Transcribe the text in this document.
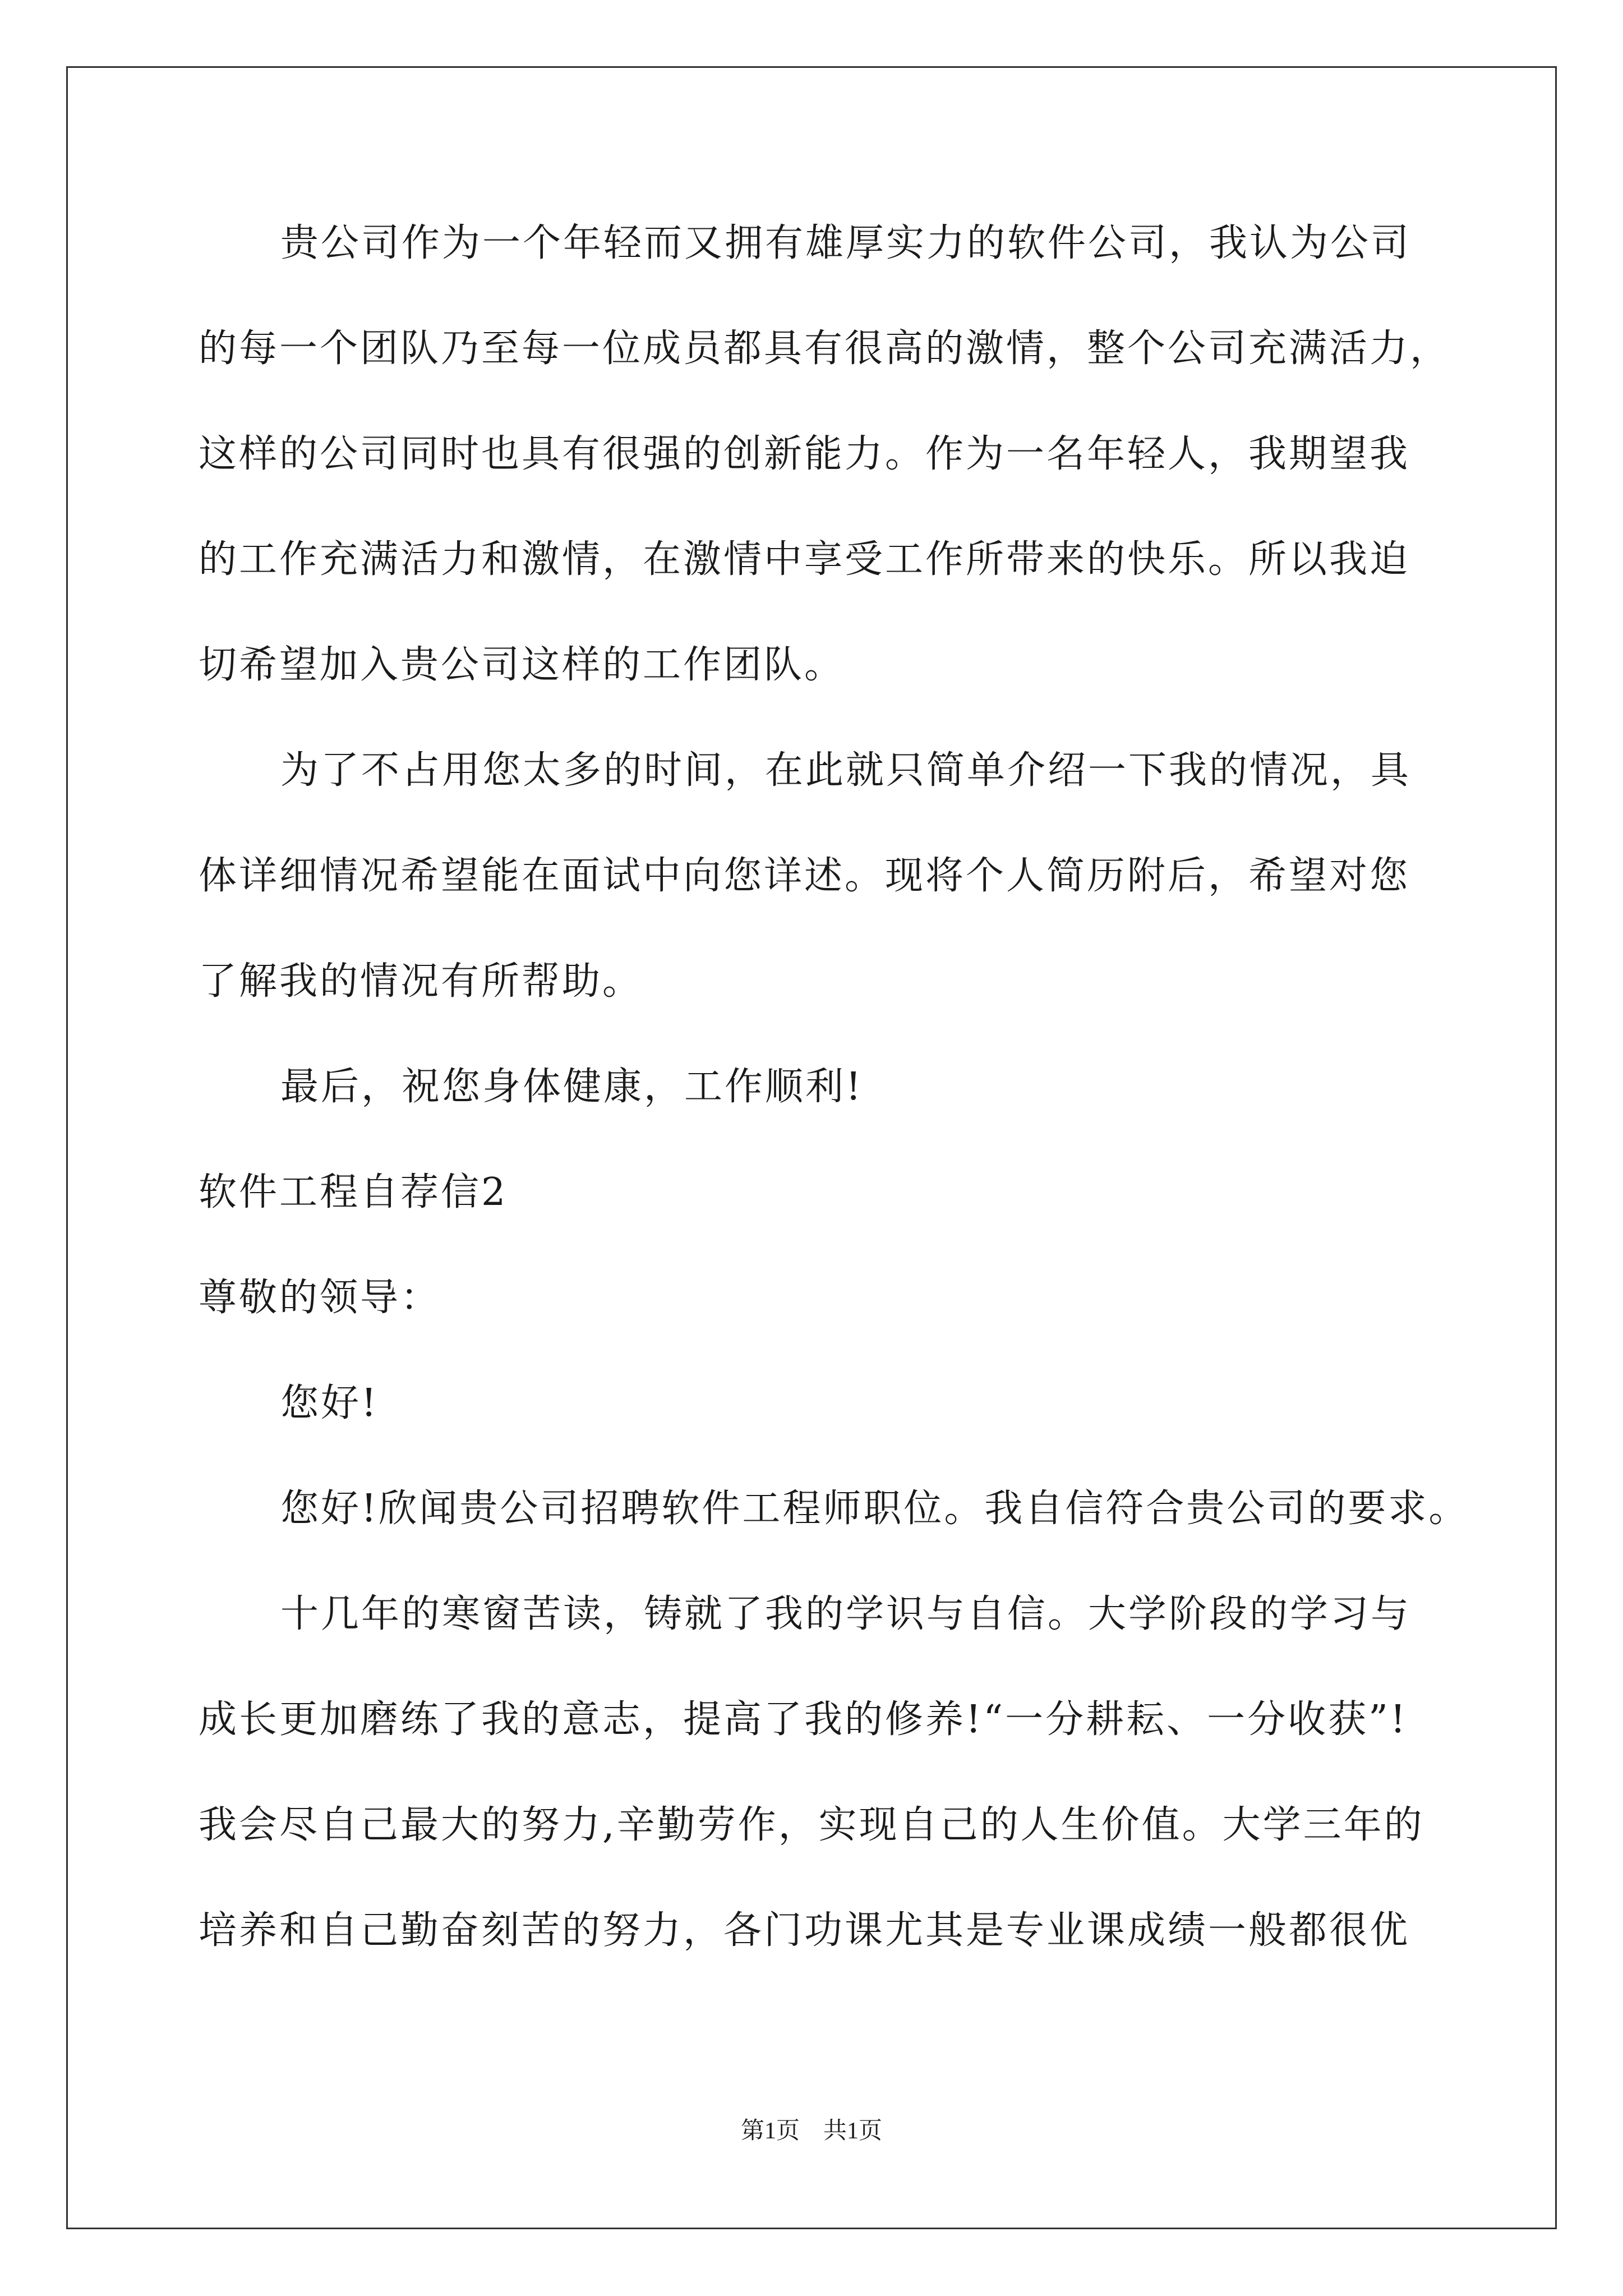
贵公司作为一个年轻而又拥有雄厚实力的软件公司，我认为公司
的每一个团队乃至每一位成员都具有很高的激情，整个公司充满活力，
这样的公司同时也具有很强的创新能力。作为一名年轻人，我期望我
的工作充满活力和激情，在激情中享受工作所带来的快乐。所以我迫
切希望加入贵公司这样的工作团队。
为了不占用您太多的时间，在此就只简单介绍一下我的情况，具
体详细情况希望能在面试中向您详述。现将个人简历附后，希望对您
了解我的情况有所帮助。
最后，祝您身体健康，工作顺利!
软件工程自荐信2
尊敬的领导：
您好!
您好!欣闻贵公司招聘软件工程师职位。我自信符合贵公司的要求。
十几年的寒窗苦读，铸就了我的学识与自信。大学阶段的学习与
成长更加磨练了我的意志，提高了我的修养!“一分耕耘、一分收获”!
我会尽自己最大的努力,辛勤劳作，实现自己的人生价值。大学三年的
培养和自己勤奋刻苦的努力，各门功课尤其是专业课成绩一般都很优
第1页　共1页
